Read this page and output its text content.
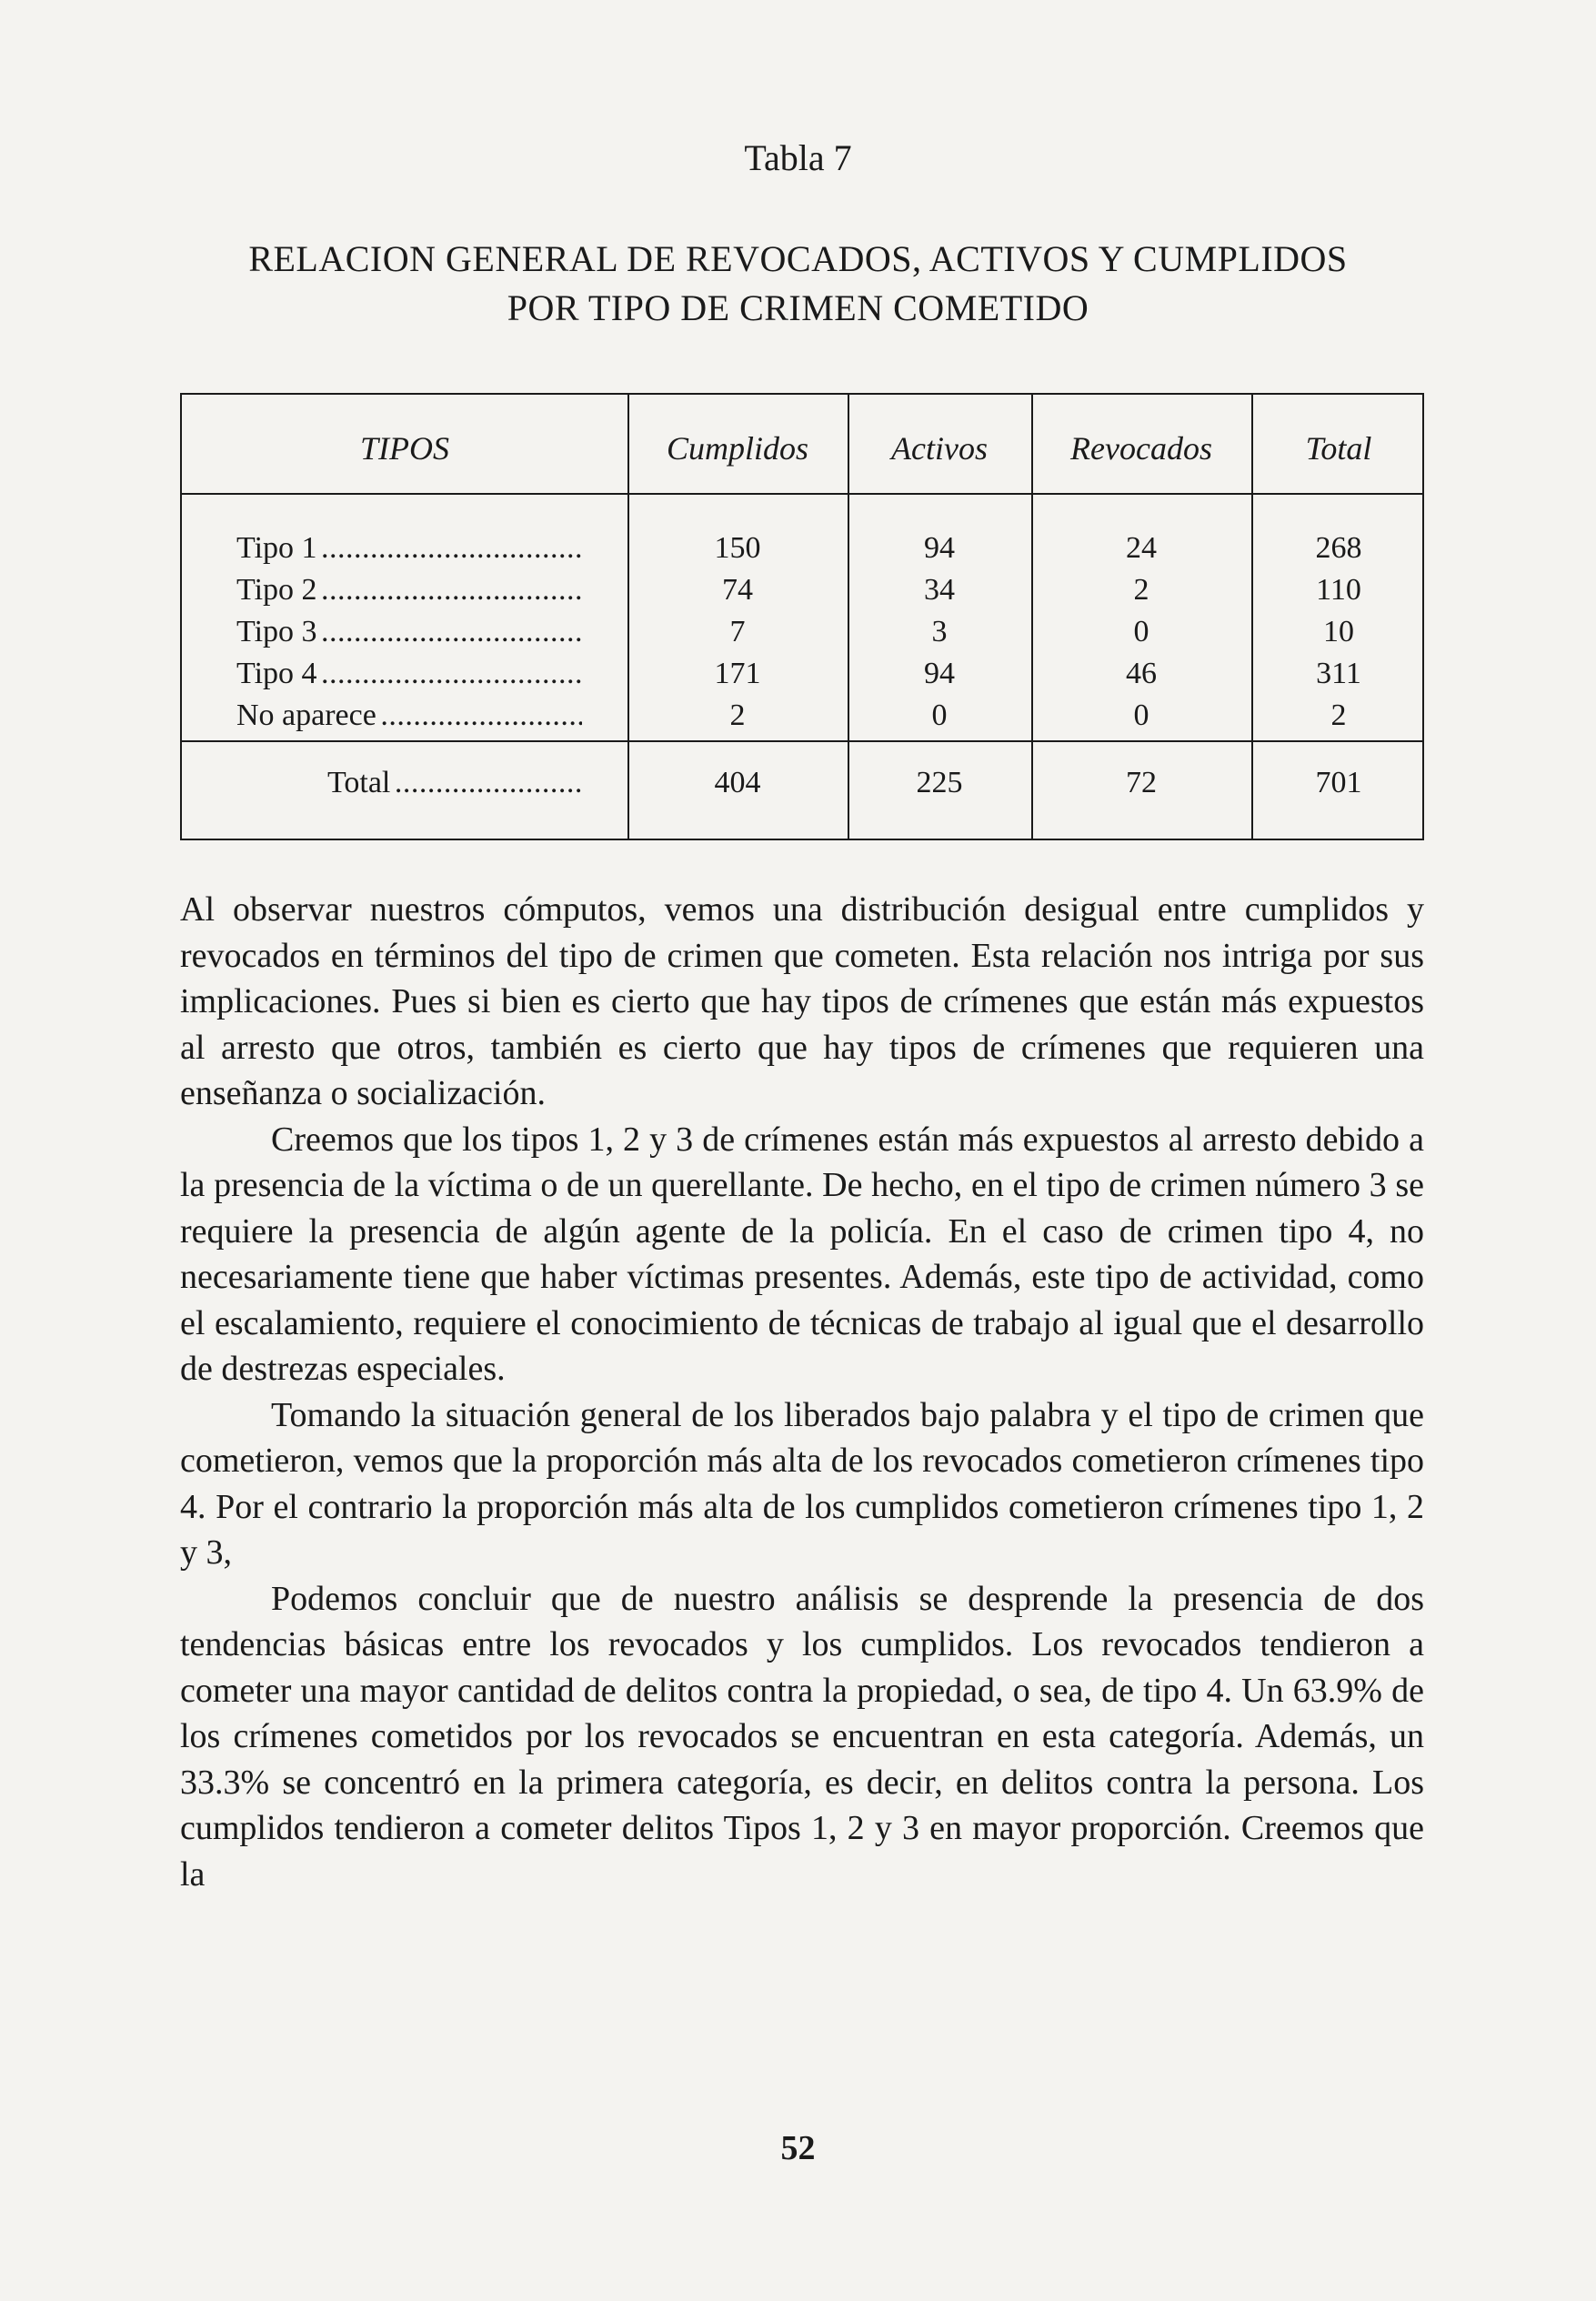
Tabla 7
RELACION GENERAL DE REVOCADOS, ACTIVOS Y CUMPLIDOS
POR TIPO DE CRIMEN COMETIDO
TIPOS	Cumplidos	Activos	Revocados	Total
Tipo 1 . . .	150	94	24	268
Tipo 2 . . .	74	34	2	110
Tipo 3 . . .	7	3	0	10
Tipo 4 . . .	171	94	46	311
No aparece . . .	2	0	0	2
Total . . .	404	225	72	701

Al observar nuestros cómputos, vemos una distribución desigual entre cumplidos y revocados en términos del tipo de crimen que cometen. Esta relación nos intriga por sus implicaciones. Pues si bien es cierto que hay tipos de crímenes que están más expuestos al arresto que otros, también es cierto que hay tipos de crímenes que requieren una enseñanza o socialización.

Creemos que los tipos 1, 2 y 3 de crímenes están más expuestos al arresto debido a la presencia de la víctima o de un querellante. De hecho, en el tipo de crimen número 3 se requiere la presencia de algún agente de la policía. En el caso de crimen tipo 4, no necesariamente tiene que haber víctimas presentes. Además, este tipo de actividad, como el escalamiento, requiere el conocimiento de técnicas de trabajo al igual que el desarrollo de destrezas especiales.

Tomando la situación general de los liberados bajo palabra y el tipo de crimen que cometieron, vemos que la proporción más alta de los revocados cometieron crímenes tipo 4. Por el contrario la proporción más alta de los cumplidos cometieron crímenes tipo 1, 2 y 3,

Podemos concluir que de nuestro análisis se desprende la presencia de dos tendencias básicas entre los revocados y los cumplidos. Los revocados tendieron a cometer una mayor cantidad de delitos contra la propiedad, o sea, de tipo 4. Un 63.9% de los crímenes cometidos por los revocados se encuentran en esta categoría. Además, un 33.3% se concentró en la primera categoría, es decir, en delitos contra la persona. Los cumplidos tendieron a cometer delitos Tipos 1, 2 y 3 en mayor proporción. Creemos que la

52
